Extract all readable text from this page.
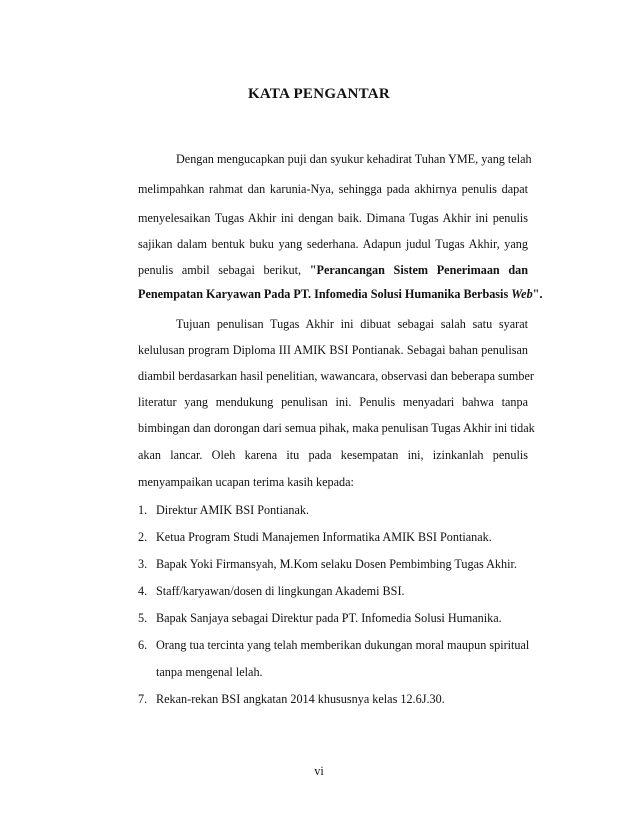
KATA PENGANTAR
Dengan mengucapkan puji dan syukur kehadirat Tuhan YME, yang telah
melimpahkan rahmat dan karunia-Nya, sehingga pada akhirnya penulis dapat
menyelesaikan Tugas Akhir ini dengan baik. Dimana Tugas Akhir ini penulis
sajikan dalam bentuk buku yang sederhana. Adapun judul Tugas Akhir, yang
penulis ambil sebagai berikut, "Perancangan Sistem Penerimaan dan
Penempatan Karyawan Pada PT. Infomedia Solusi Humanika Berbasis Web".
Tujuan penulisan Tugas Akhir ini dibuat sebagai salah satu syarat
kelulusan program Diploma III AMIK BSI Pontianak. Sebagai bahan penulisan
diambil berdasarkan hasil penelitian, wawancara, observasi dan beberapa sumber
literatur yang mendukung penulisan ini. Penulis menyadari bahwa tanpa
bimbingan dan dorongan dari semua pihak, maka penulisan Tugas Akhir ini tidak
akan lancar. Oleh karena itu pada kesempatan ini, izinkanlah penulis
menyampaikan ucapan terima kasih kepada:
1. Direktur AMIK BSI Pontianak.
2. Ketua Program Studi Manajemen Informatika AMIK BSI Pontianak.
3. Bapak Yoki Firmansyah, M.Kom selaku Dosen Pembimbing Tugas Akhir.
4. Staff/karyawan/dosen di lingkungan Akademi BSI.
5. Bapak Sanjaya sebagai Direktur pada PT. Infomedia Solusi Humanika.
6. Orang tua tercinta yang telah memberikan dukungan moral maupun spiritual
tanpa mengenal lelah.
7. Rekan-rekan BSI angkatan 2014 khususnya kelas 12.6J.30.
vi
